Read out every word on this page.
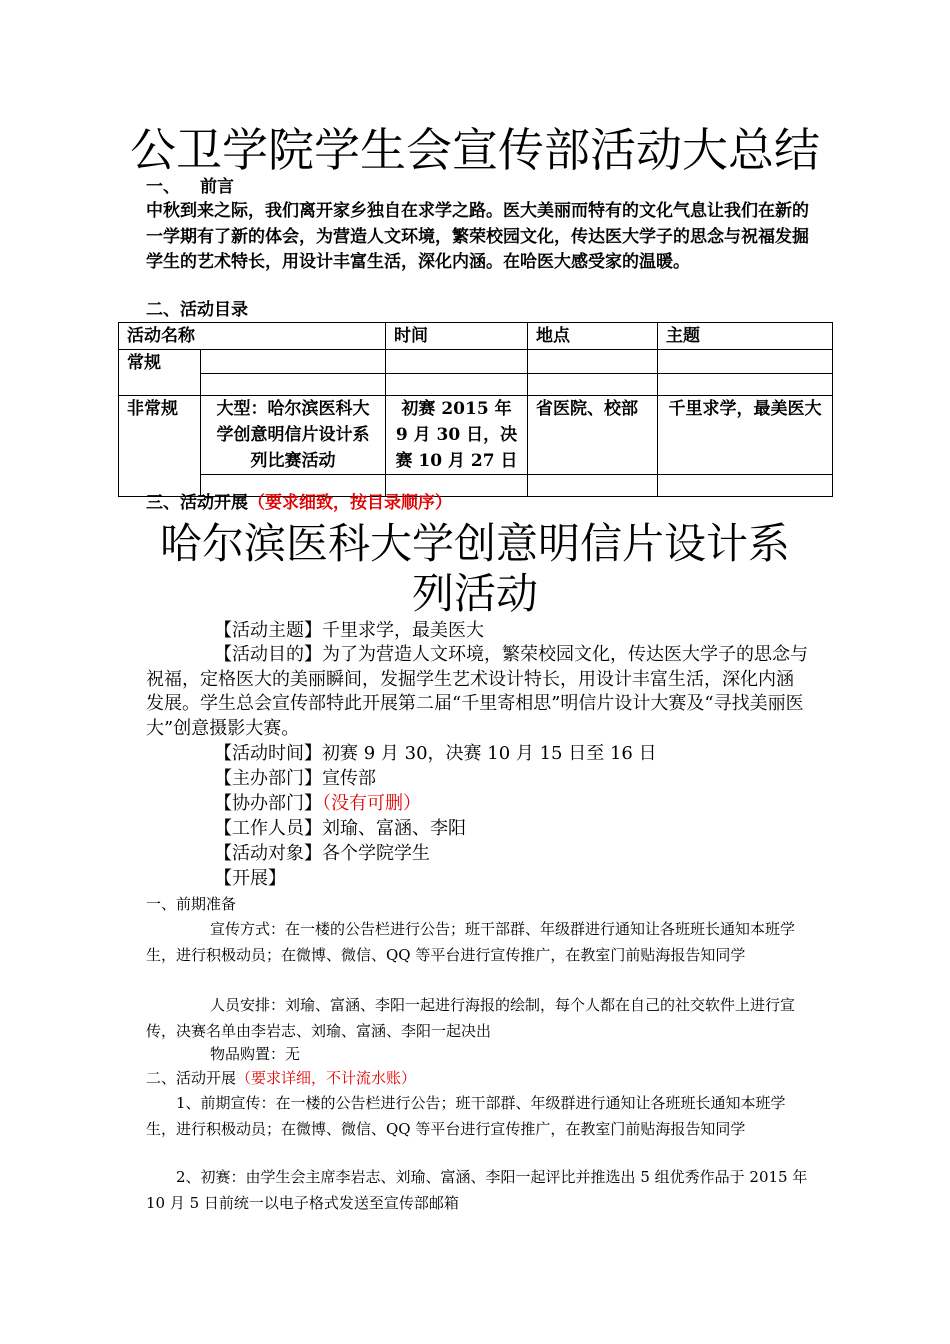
公卫学院学生会宣传部活动大总结
一、 前言
中秋到来之际，我们离开家乡独自在求学之路。医大美丽而特有的文化气息让我们在新的一学期有了新的体会，为营造人文环境，繁荣校园文化，传达医大学子的思念与祝福发掘学生的艺术特长，用设计丰富生活，深化内涵。在哈医大感受家的温暖。
二、活动目录
活动名称		时间	地点	主题
常规				

非常规	大型：哈尔滨医科大学创意明信片设计系列比赛活动	初赛 2015 年 9 月 30 日，决赛 10 月 27 日	省医院、校部	千里求学，最美医大

三、活动开展（要求细致，按目录顺序）
哈尔滨医科大学创意明信片设计系
列活动
【活动主题】千里求学，最美医大
【活动目的】为了为营造人文环境，繁荣校园文化，传达医大学子的思念与祝福，定格医大的美丽瞬间，发掘学生艺术设计特长，用设计丰富生活，深化内涵发展。学生总会宣传部特此开展第二届“千里寄相思”明信片设计大赛及“寻找美丽医大”创意摄影大赛。
【活动时间】初赛 9 月 30，决赛 10 月 15 日至 16 日
【主办部门】宣传部
【协办部门】（没有可删）
【工作人员】刘瑜、富涵、李阳
【活动对象】各个学院学生
【开展】
一、前期准备
宣传方式：在一楼的公告栏进行公告；班干部群、年级群进行通知让各班班长通知本班学生，进行积极动员；在微博、微信、QQ 等平台进行宣传推广，在教室门前贴海报告知同学
人员安排：刘瑜、富涵、李阳一起进行海报的绘制，每个人都在自己的社交软件上进行宣传，决赛名单由李岩志、刘瑜、富涵、李阳一起决出
物品购置：无
二、活动开展（要求详细，不计流水账）
1、前期宣传：在一楼的公告栏进行公告；班干部群、年级群进行通知让各班班长通知本班学生，进行积极动员；在微博、微信、QQ 等平台进行宣传推广，在教室门前贴海报告知同学
2、初赛：由学生会主席李岩志、刘瑜、富涵、李阳一起评比并推选出 5 组优秀作品于 2015 年 10 月 5 日前统一以电子格式发送至宣传部邮箱
